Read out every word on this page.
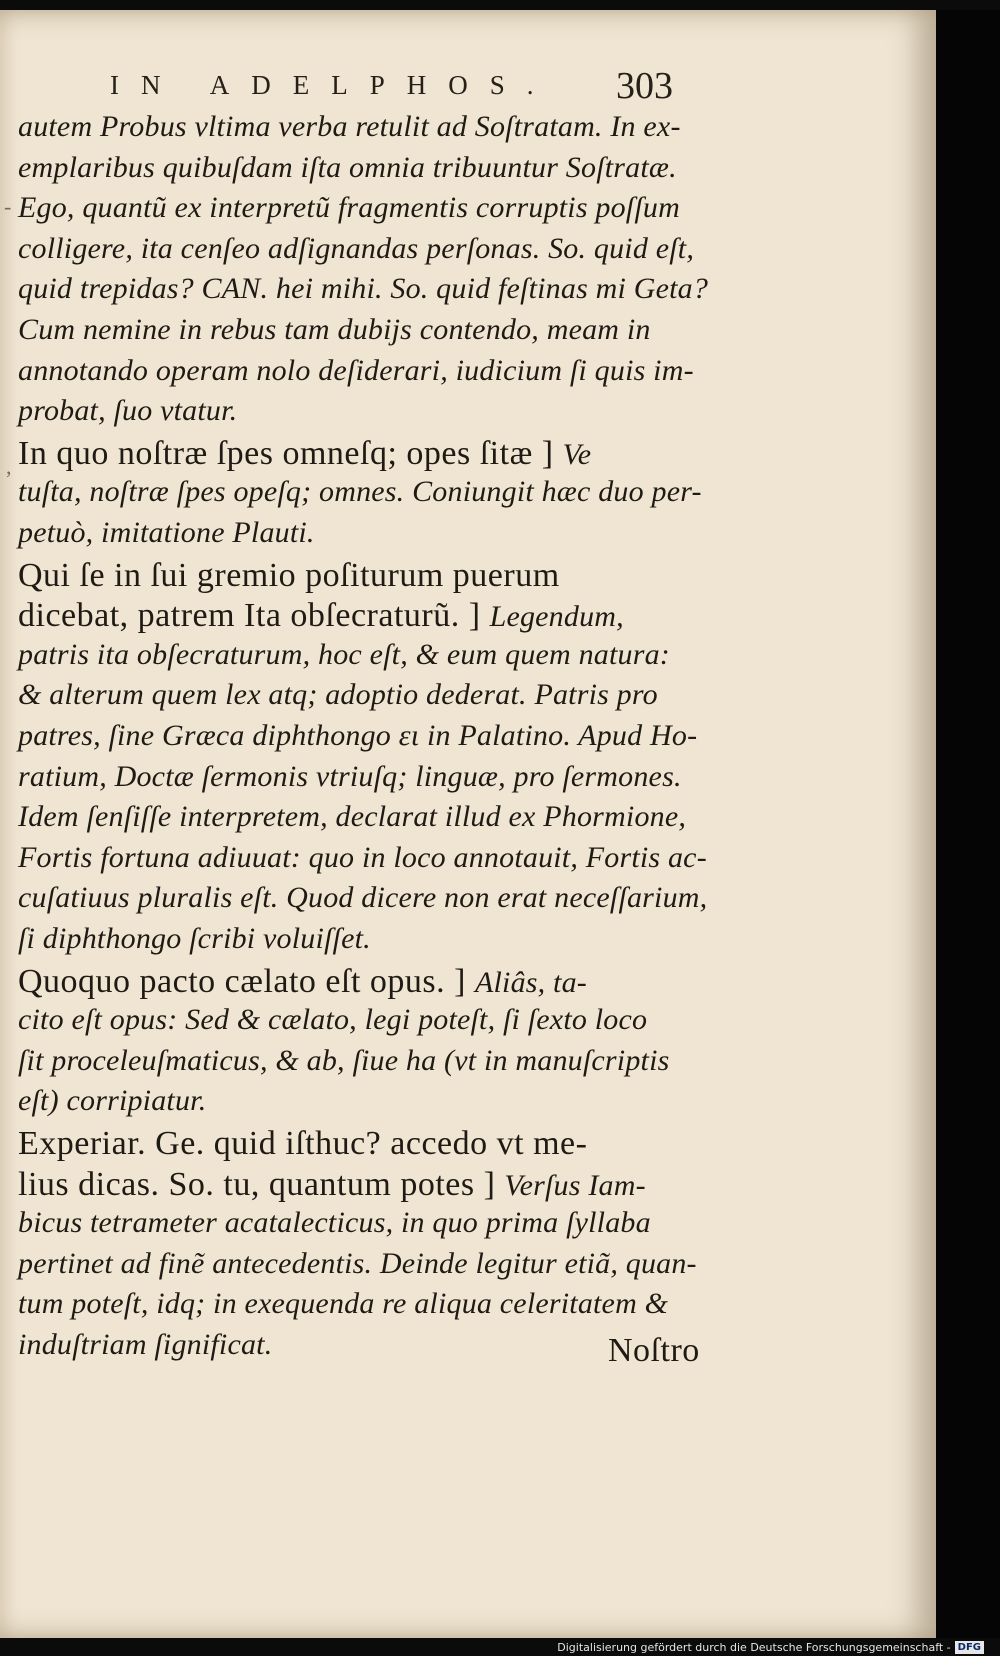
IN ADELPHOS.	303
autem Probus vltima verba retulit ad Soſtratam. In ex-
emplaribus quibuſdam iſta omnia tribuuntur Soſtratæ.
Ego, quantũ ex interpretũ fragmentis corruptis poſſum
colligere, ita cenſeo adſignandas perſonas. So. quid eſt,
quid trepidas? CAN. hei mihi. So. quid feſtinas mi Geta?
Cum nemine in rebus tam dubijs contendo, meam in
annotando operam nolo deſiderari, iudicium ſi quis im-
probat, ſuo vtatur.
In quo noſtræ ſpes omneſq; opes ſitæ ] Ve
tuſta, noſtræ ſpes opeſq; omnes. Coniungit hæc duo per-
petuò, imitatione Plauti.
Qui ſe in ſui gremio poſiturum puerum
dicebat, patrem Ita obſecraturũ. ] Legendum,
patris ita obſecraturum, hoc eſt, & eum quem natura:
& alterum quem lex atq; adoptio dederat. Patris pro
patres, ſine Græca diphthongo ει in Palatino. Apud Ho-
ratium, Doctæ ſermonis vtriuſq; linguæ, pro ſermones.
Idem ſenſiſſe interpretem, declarat illud ex Phormione,
Fortis fortuna adiuuat: quo in loco annotauit, Fortis ac-
cuſatiuus pluralis eſt. Quod dicere non erat neceſſarium,
ſi diphthongo ſcribi voluiſſet.
Quoquo pacto cælato eſt opus. ] Aliâs, ta-
cito eſt opus: Sed & cælato, legi poteſt, ſi ſexto loco
ſit proceleuſmaticus, & ab, ſiue ha (vt in manuſcriptis
eſt) corripiatur.
Experiar. Ge. quid iſthuc? accedo vt me-
lius dicas. So. tu, quantum potes ] Verſus Iam-
bicus tetrameter acatalecticus, in quo prima ſyllaba
pertinet ad finẽ antecedentis. Deinde legitur etiã, quan-
tum poteſt, idq; in exequenda re aliqua celeritatem &
induſtriam ſignificat.	Noſtro
-
,
Digitalisierung gefördert durch die Deutsche Forschungsgemeinschaft - DFG
